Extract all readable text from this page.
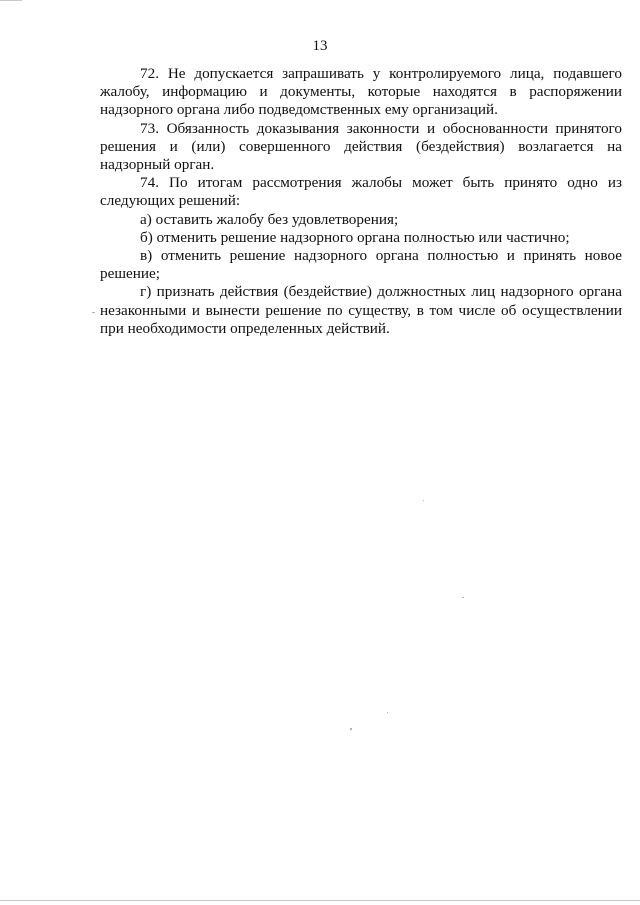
13

72. Не допускается запрашивать у контролируемого лица, подавшего жалобу, информацию и документы, которые находятся в распоряжении надзорного органа либо подведомственных ему организаций.

73. Обязанность доказывания законности и обоснованности принятого решения и (или) совершенного действия (бездействия) возлагается на надзорный орган.

74. По итогам рассмотрения жалобы может быть принято одно из следующих решений:

а) оставить жалобу без удовлетворения;

б) отменить решение надзорного органа полностью или частично;

в) отменить решение надзорного органа полностью и принять новое решение;

г) признать действия (бездействие) должностных лиц надзорного органа незаконными и вынести решение по существу, в том числе об осуществлении при необходимости определенных действий.
